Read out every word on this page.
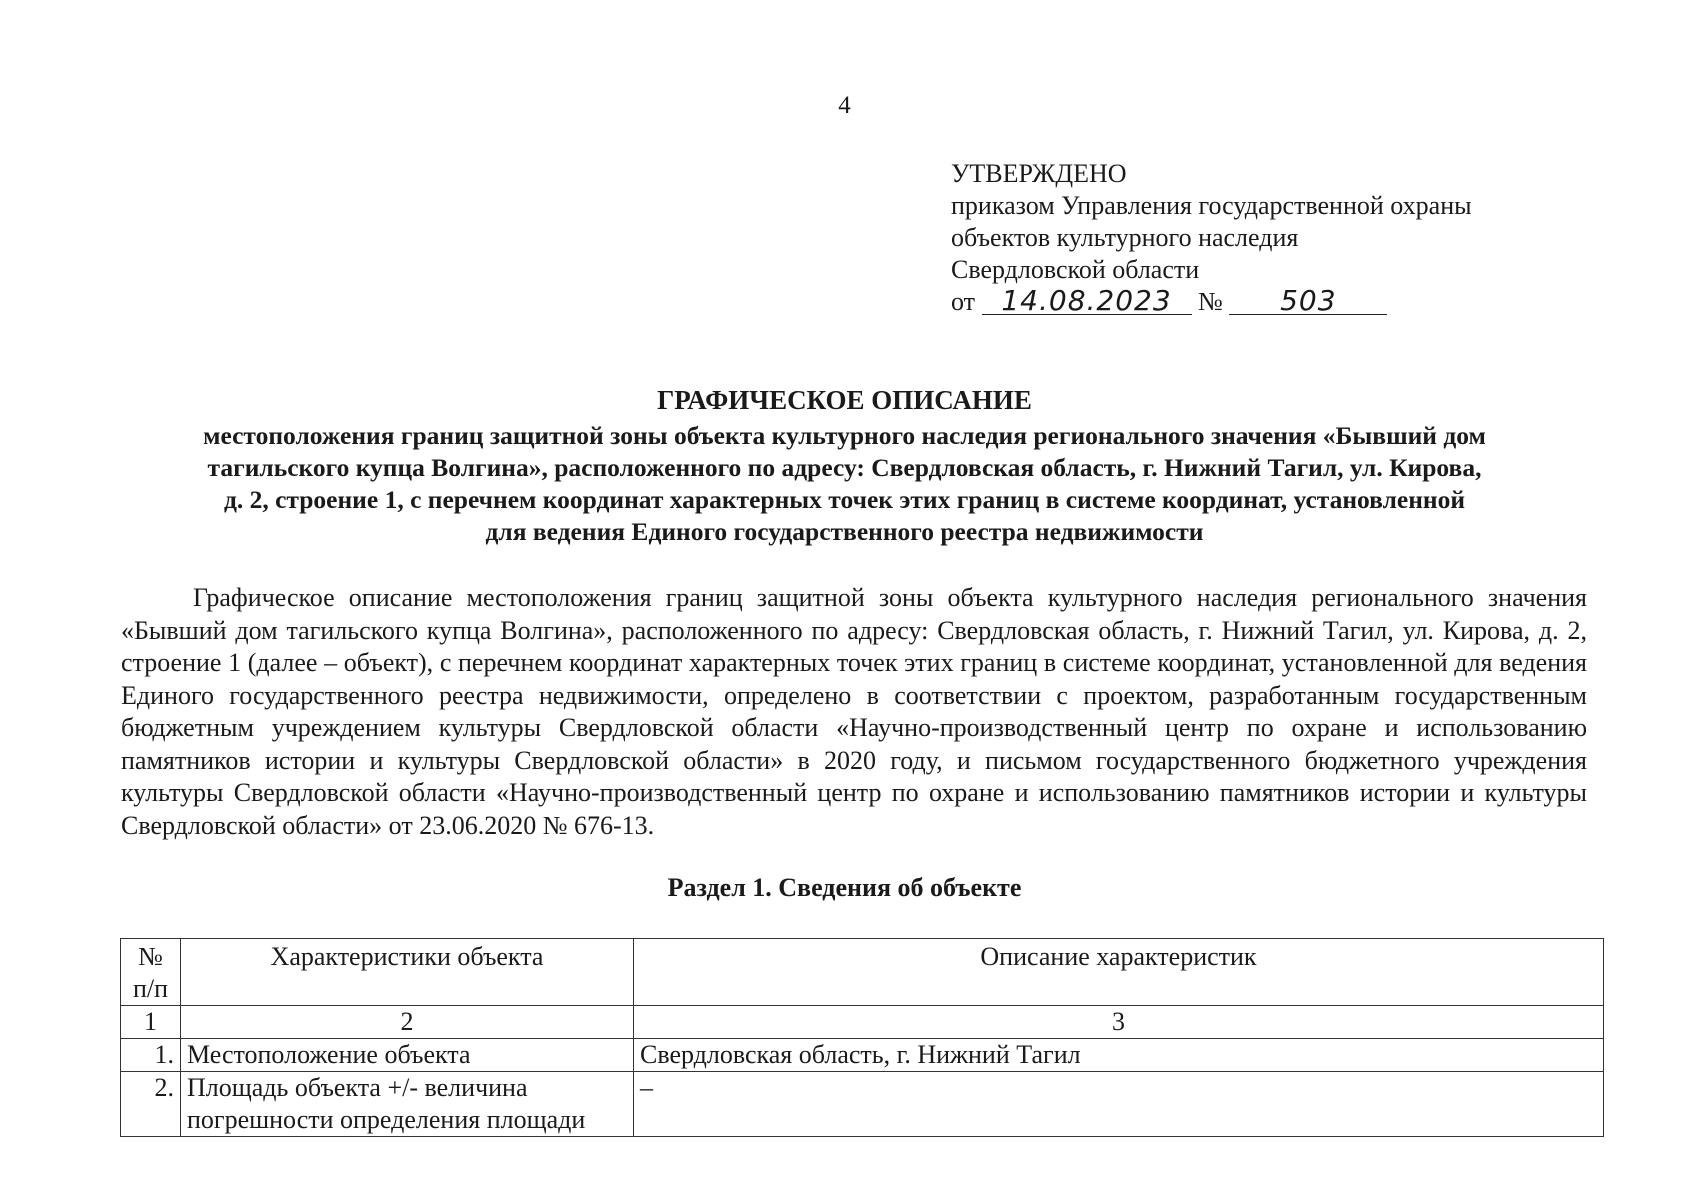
4
УТВЕРЖДЕНО
приказом Управления государственной охраны
объектов культурного наследия
Свердловской области
от 14.08.2023 № 503
ГРАФИЧЕСКОЕ ОПИСАНИЕ
местоположения границ защитной зоны объекта культурного наследия регионального значения «Бывший дом
тагильского купца Волгина», расположенного по адресу: Свердловская область, г. Нижний Тагил, ул. Кирова,
д. 2, строение 1, с перечнем координат характерных точек этих границ в системе координат, установленной
для ведения Единого государственного реестра недвижимости
Графическое описание местоположения границ защитной зоны объекта культурного наследия регионального значения «Бывший дом тагильского купца Волгина», расположенного по адресу: Свердловская область, г. Нижний Тагил, ул. Кирова, д. 2, строение 1 (далее – объект), с перечнем координат характерных точек этих границ в системе координат, установленной для ведения Единого государственного реестра недвижимости, определено в соответствии с проектом, разработанным государственным бюджетным учреждением культуры Свердловской области «Научно-производственный центр по охране и использованию памятников истории и культуры Свердловской области» в 2020 году, и письмом государственного бюджетного учреждения культуры Свердловской области «Научно-производственный центр по охране и использованию памятников истории и культуры Свердловской области» от 23.06.2020 № 676-13.
Раздел 1. Сведения об объекте
№
п/п	Характеристики объекта	Описание характеристик
1	2	3
1.	Местоположение объекта	Свердловская область, г. Нижний Тагил
2.	Площадь объекта +/- величина погрешности определения площади	–
